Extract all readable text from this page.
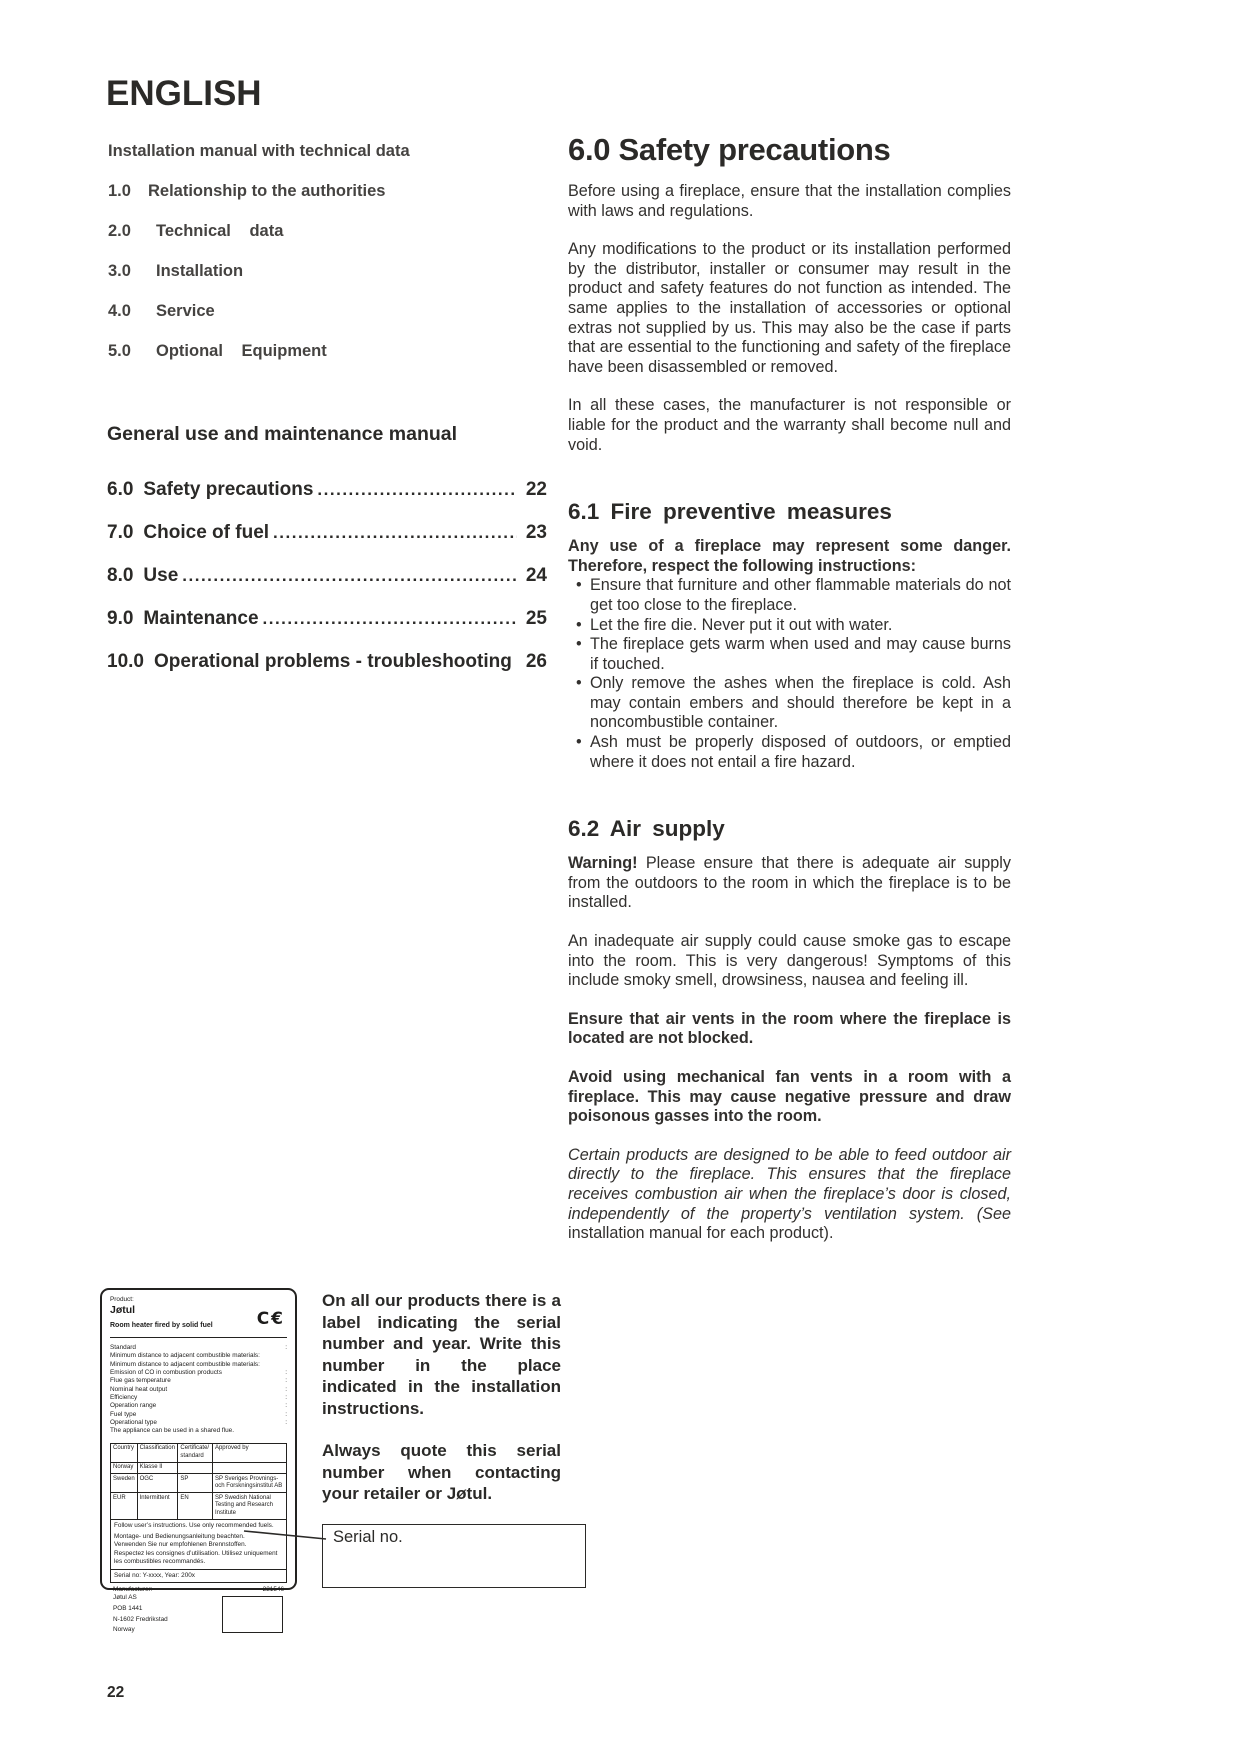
ENGLISH
Installation manual with technical data
1.0	Relationship to the authorities
2.0	Technical data
3.0	Installation
4.0	Service
5.0	Optional Equipment
General use and maintenance manual
6.0 Safety precautions .....	22
7.0 Choice of fuel .....	23
8.0 Use .....	24
9.0 Maintenance .....	25
10.0 Operational problems - troubleshooting ..... 26
6.0 Safety precautions

Before using a fireplace, ensure that the installation complies with laws and regulations.

Any modifications to the product or its installation performed by the distributor, installer or consumer may result in the product and safety features do not function as intended. The same applies to the installation of accessories or optional extras not supplied by us. This may also be the case if parts that are essential to the functioning and safety of the fireplace have been disassembled or removed.

In all these cases, the manufacturer is not responsible or liable for the product and the warranty shall become null and void.

6.1 Fire preventive measures

Any use of a fireplace may represent some danger. Therefore, respect the following instructions:

• Ensure that furniture and other flammable materials do not get too close to the fireplace.
• Let the fire die. Never put it out with water.
• The fireplace gets warm when used and may cause burns if touched.
• Only remove the ashes when the fireplace is cold. Ash may contain embers and should therefore be kept in a noncombustible container.
• Ash must be properly disposed of outdoors, or emptied where it does not entail a fire hazard.
6.2 Air supply

Warning! Please ensure that there is adequate air supply from the outdoors to the room in which the fireplace is to be installed.

An inadequate air supply could cause smoke gas to escape into the room. This is very dangerous! Symptoms of this include smoky smell, drowsiness, nausea and feeling ill.

Ensure that air vents in the room where the fireplace is located are not blocked.

Avoid using mechanical fan vents in a room with a fireplace. This may cause negative pressure and draw poisonous gasses into the room.

Certain products are designed to be able to feed outdoor air directly to the fireplace. This ensures that the fireplace receives combustion air when the fireplace’s door is closed, independently of the property’s ventilation system. (See installation manual for each product).

Product:
Jøtul
Room heater fired by solid fuel	C€
Standard	:
Minimum distance to adjacent combustible materials:
Minimum distance to adjacent combustible materials:
Emission of CO in combustion products	:
Flue gas temperature	:
Nominal heat output	:
Efficiency	:
Operation range	:
Fuel type	:
Operational type	:
The appliance can be used in a shared flue.
Country	Classification	Certificate/ standard	Approved by
Norway	Klasse II		
Sweden	OGC	SP	SP Sveriges Provnings- och Forskningsinstitut AB
EUR	Intermittent	EN	SP Swedish National Testing and Research Institute
Follow user’s instructions. Use only recommended fuels.
Montage- und Bedienungsanleitung beachten.
Verwenden Sie nur empfohlenen Brennstoffen.
Respectez les consignes d’utilisation. Utilisez uniquement les combustibles recommandés.
Serial no: Y-xxxx, Year: 200x
Manufacturer:	221546
Jøtul AS
POB 1441
N-1602 Fredrikstad
Norway

On all our products there is a label indicating the serial number and year. Write this number in the place indicated in the installation instructions.

Always quote this serial number when contacting your retailer or Jøtul.

Serial no.
22
